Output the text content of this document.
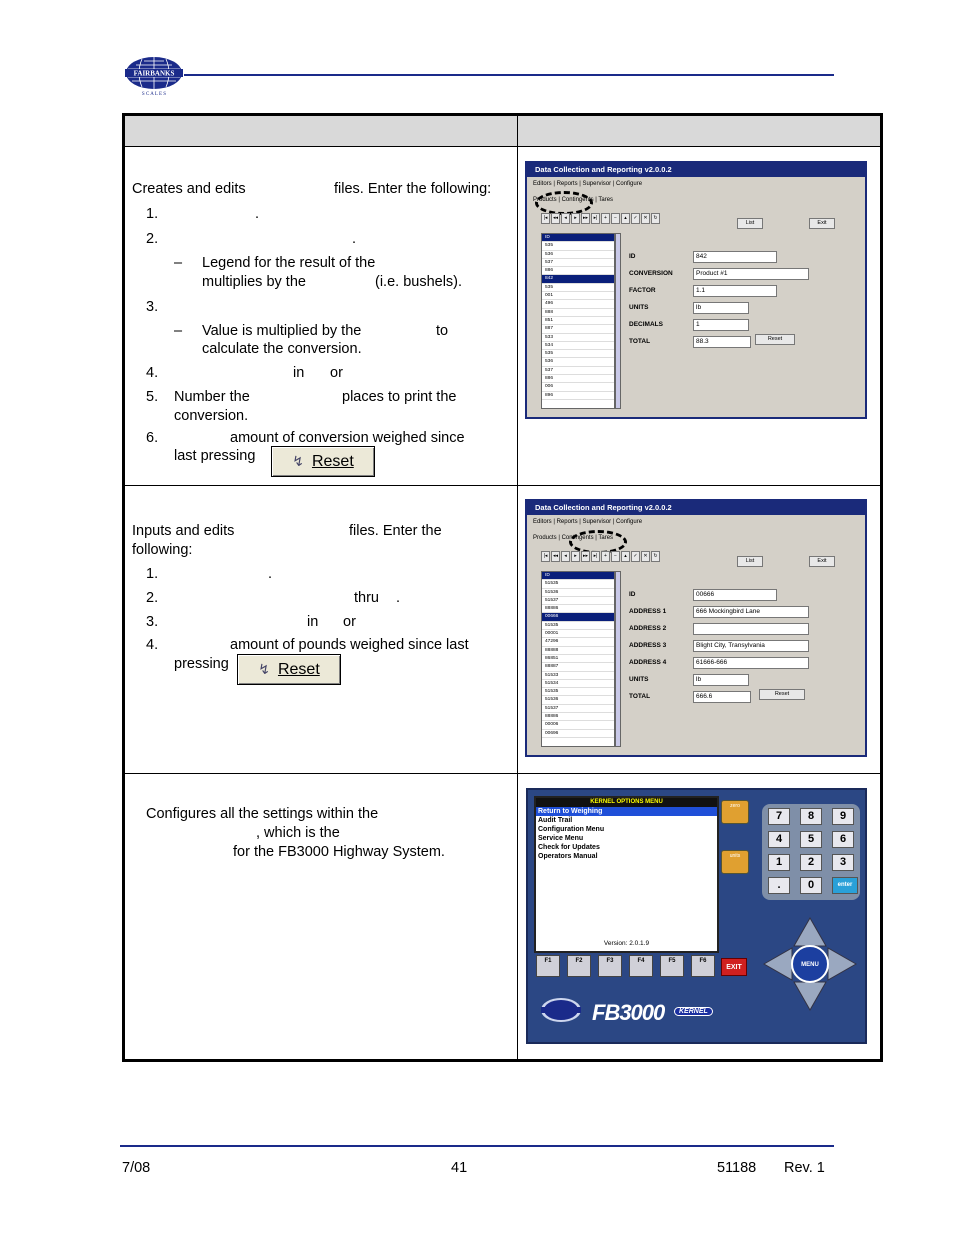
FAIRBANKS
S C A L E S
Creates and edits	files. Enter the following:
1.	.
2.	.
– Legend for the result of the
multiplies by the	(i.e. bushels).
3.
– Value is multiplied by the	to
calculate the conversion.
4.	in or
5. Number the	places to print the
conversion.
6.	amount of conversion weighed since
last pressing	↯ Reset
Inputs and edits	files. Enter the
following:
1.	.
2.	thru .
3.	in or
4.	amount of pounds weighed since last
pressing ↯ Reset
Configures all the settings within the
, which is the
for the FB3000 Highway System.
Data Collection and Reporting v2.0.0.2
Editors | Reports | Supervisor | Configure
Products | Contingents | Tares
|◂	◂◂	◂	▸	▸▸	▸|	+	−	▴	✓	✕	↻
List	Exit
ID
535
536
537
886
842
535
001
496
888
851
887
533
534
535
536
537
886
006
896
ID	842
CONVERSION	Product #1
FACTOR	1.1
UNITS	lb
DECIMALS	1
TOTAL	88.3	Reset
Data Collection and Reporting v2.0.0.2
Editors | Reports | Supervisor | Configure
Products | Contingents | Tares
|◂	◂◂	◂	▸	▸▸	▸|	+	−	▴	✓	✕	↻
List	Exit
ID
51535
51536
51537
88886
00666
51535
00001
47296
88888
86851
88887
51533
51534
51535
51536
51537
88886
00006
00696
ID	00666
ADDRESS 1	666 Mockingbird Lane
ADDRESS 2
ADDRESS 3	Blight City, Transylvania
ADDRESS 4	61666-666
UNITS	lb
TOTAL	666.6	Reset
KERNEL OPTIONS MENU
Return to Weighing
Audit Trail
Configuration Menu
Service Menu
Check for Updates
Operators Manual
Version: 2.0.1.9
zero
units
7	8	9
4	5	6
1	2	3
.	0	enter
F1	F2	F3	F4	F5	F6
EXIT	MENU
FB3000	KERNEL
7/08	41	51188 Rev. 1
